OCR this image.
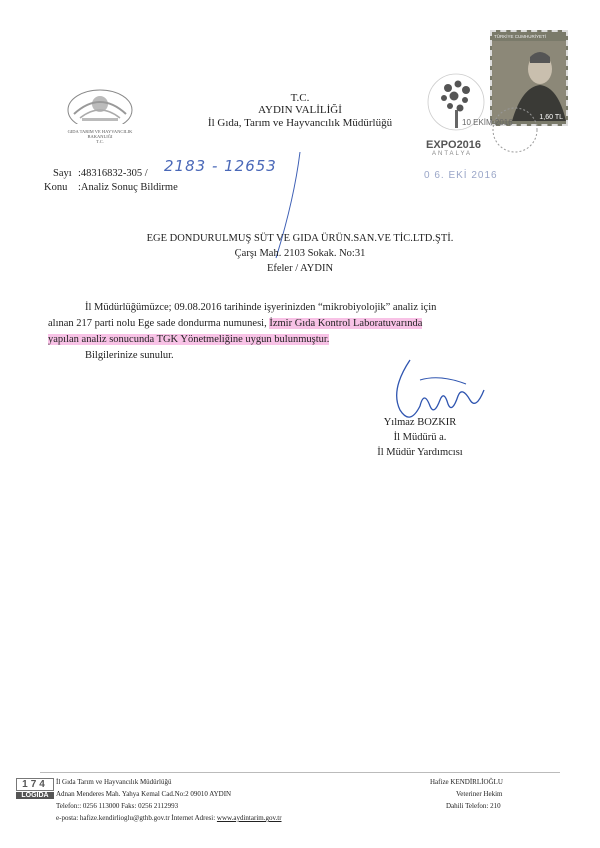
GIDA TARIM VE HAYVANCILIK BAKANLIĞI
T.C.
T.C.
AYDIN VALİLİĞİ
İl Gıda, Tarım ve Hayvancılık Müdürlüğü
EXPO2016
ANTALYA
TÜRKİYE CUMHURİYETİ
1,60 TL
10 EKİM 2016
0 6. EKİ 2016
Sayı :48316832-305 / 2183 - 12653
Konu :Analiz Sonuç Bildirme
EGE DONDURULMUŞ SÜT VE GIDA ÜRÜN.SAN.VE TİC.LTD.ŞTİ.
Çarşı Mah. 2103 Sokak. No:31
Efeler / AYDIN
İl Müdürlüğümüzce; 09.08.2016 tarihinde işyerinizden “mikrobiyolojik” analiz için
alınan 217 parti nolu Ege sade dondurma numunesi, İzmir Gıda Kontrol Laboratuvarında
yapılan analiz sonucunda TGK Yönetmeliğine uygun bulunmuştur.
Bilgilerinize sunulur.
Yılmaz BOZKIR
İl Müdürü a.
İl Müdür Yardımcısı
174
LOGIDA
İl Gıda Tarım ve Hayvancılık Müdürlüğü
Adnan Menderes Mah. Yahya Kemal Cad.No:2 09010 AYDIN
Telefon:: 0256 113000 Faks: 0256 2112993
e-posta: hafize.kendirlioglu@gthb.gov.tr İnternet Adresi: www.aydintarim.gov.tr
Hafize KENDİRLİOĞLU
Veteriner Hekim
Dahili Telefon: 210
